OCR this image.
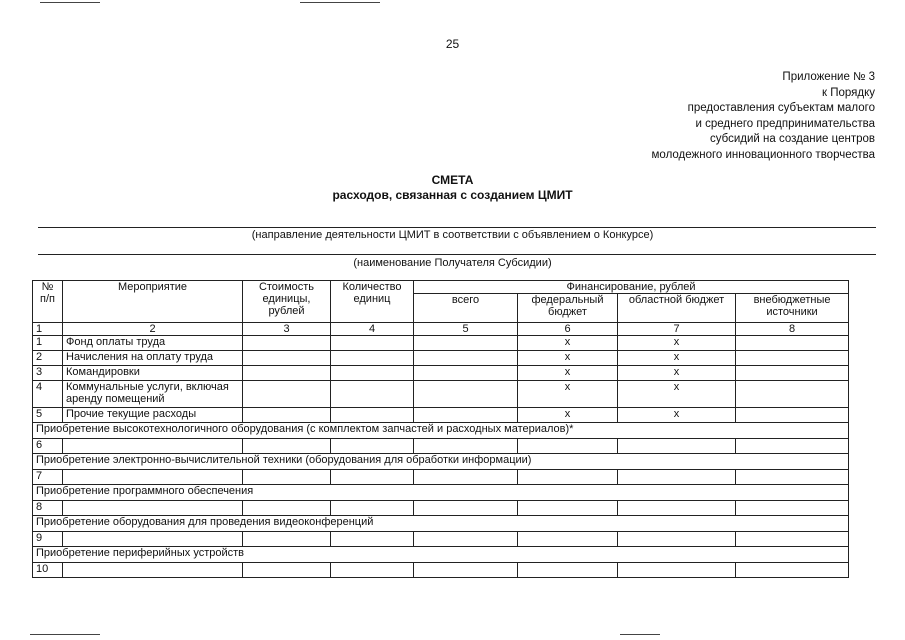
25
Приложение № 3
к Порядку
предоставления субъектам малого
и среднего предпринимательства
субсидий на создание центров
молодежного инновационного творчества
СМЕТА
расходов, связанная с созданием ЦМИТ
(направление деятельности ЦМИТ в соответствии с объявлением о Конкурсе)
(наименование Получателя Субсидии)
№ п/п	Мероприятие	Стоимость единицы, рублей	Количество единиц	Финансирование, рублей			
				всего	федеральный бюджет	областной бюджет	внебюджетные источники
1	2	3	4	5	6	7	8
1	Фонд оплаты труда				x	x	
2	Начисления на оплату труда				x	x	
3	Командировки				x	x	
4	Коммунальные услуги, включая аренду помещений				x	x	
5	Прочие текущие расходы				x	x	
Приобретение высокотехнологичного оборудования (с комплектом запчастей и расходных материалов)*							
6							
Приобретение электронно-вычислительной техники (оборудования для обработки информации)							
7							
Приобретение программного обеспечения							
8							
Приобретение оборудования для проведения видеоконференций							
9							
Приобретение периферийных устройств							
10							
